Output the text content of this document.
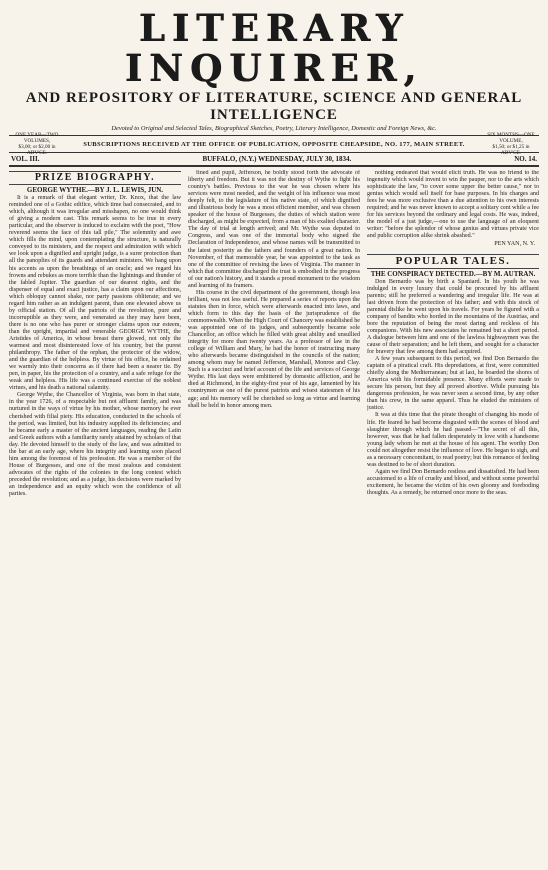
LITERARY INQUIRER,
AND REPOSITORY OF LITERATURE, SCIENCE AND GENERAL INTELLIGENCE
Devoted to Original and Selected Tales, Biographical Sketches, Poetry, Literary Intelligence, Domestic and Foreign News, &c.
ONE YEAR—TWO VOLUMES,
$3,00; or $2,00 in ADV'CE.
SUBSCRIPTIONS RECEIVED AT THE OFFICE OF PUBLICATION, OPPOSITE CHEAPSIDE, NO. 177, MAIN STREET.
SIX MONTHS—ONE VOLUME,
$1,50; or $1,25 in ADV'CE.
VOL. III.	BUFFALO, (N.Y.) WEDNESDAY, JULY 30, 1834.	NO. 14.
PRIZE BIOGRAPHY.
GEORGE WYTHE.—BY J. L. LEWIS, JUN.

It is a remark of that elegant writer, Dr. Knox, that the law reminded one of a Gothic edifice, which time had consecrated, and to which, although it was irregular and misshapen, no one would think of giving a modern cast. This remark seems to be true in every particular, and the observer is induced to exclaim with the poet, "How reverend seems the face of this tall pile," The solemnity and awe which fills the mind, upon contemplating the structure, is naturally conveyed to its ministers, and the respect and admiration with which we look upon a dignified and upright judge, is a surer protection than all the panoplies of its guards and attendant ministers. We hang upon his accents as upon the breathings of an oracle; and we regard his frowns and rebukes as more terrible than the lightnings and thunder of the fabled Jupiter. The guardian of our dearest rights, and the dispenser of equal and exact justice, has a claim upon our affections, which obloquy cannot shake, nor party passions obliterate; and we regard him rather as an indulgent parent, than one elevated above us by official station. Of all the patriots of the revolution, pure and incorruptible as they were, and venerated as they may have been, there is no one who has purer or stronger claims upon our esteem, than the upright, impartial and venerable GEORGE WYTHE, the Aristides of America, in whose breast there glowed, not only the warmest and most disinterested love of his country, but the purest philanthropy. The father of the orphan, the protector of the widow, and the guardian of the helpless. By virtue of his office, he ordained we warmly into their concerns as if there had been a nearer tie. By pen, in paper, his the protection of a country, and a safe refuge for the weak and helpless. His life was a continued exercise of the noblest virtues, and his death a national calamity.

George Wythe, the Chancellor of Virginia, was born in that state, in the year 1726, of a respectable but not affluent family, and was nurtured in the ways of virtue by his mother, whose memory he ever cherished with filial piety. His education, conducted in the schools of the period, was limited, but his industry supplied its deficiencies; and he became early a master of the ancient languages, reading the Latin and Greek authors with a familiarity rarely attained by scholars of that day. He devoted himself to the study of the law, and was admitted to the bar at an early age, where his integrity and learning soon placed him among the foremost of his profession. He was a member of the House of Burgesses, and one of the most zealous and consistent advocates of the rights of the colonies in the long contest which preceded the revolution; and as a judge, his decisions were marked by an independence and an equity which won the confidence of all parties.

fined and pupil, Jefferson, he boldly stood forth the advocate of liberty and freedom. But it was not the destiny of Wythe to fight his country's battles. Previous to the war he was chosen where his services were most needed, and the weight of his influence was most deeply felt, to the legislature of his native state, of which dignified and illustrious body he was a most efficient member, and was chosen speaker of the house of Burgesses, the duties of which station were discharged, as might be expected, from a man of his exalted character. The day of trial at length arrived; and Mr. Wythe was deputed to Congress, and was one of the immortal body who signed the Declaration of Independence, and whose names will be transmitted to the latest posterity as the fathers and founders of a great nation. In November, of that memorable year, he was appointed to the task as one of the committee of revising the laws of Virginia. The manner in which that committee discharged the trust is embodied in the progress of our nation's history, and it stands a proud monument to the wisdom and learning of its framers.

His course in the civil department of the government, though less brilliant, was not less useful. He prepared a series of reports upon the statutes then in force, which were afterwards enacted into laws, and which form to this day the basis of the jurisprudence of the commonwealth. When the High Court of Chancery was established he was appointed one of its judges, and subsequently became sole Chancellor, an office which he filled with great ability and unsullied integrity for more than twenty years. As a professor of law in the college of William and Mary, he had the honor of instructing many who afterwards became distinguished in the councils of the nation; among whom may be named Jefferson, Marshall, Monroe and Clay. Such is a succinct and brief account of the life and services of George Wythe. His last days were embittered by domestic affliction, and he died at Richmond, in the eighty-first year of his age, lamented by his countrymen as one of the purest patriots and wisest statesmen of his age; and his memory will be cherished so long as virtue and learning shall be held in honor among men.

nothing endeared that would elicit truth. He was no friend to the ingenuity which would invent to win the pauper, nor to the arts which sophisticate the law, "to cover some upper the better cause," nor to genius which would sell itself for base purposes. In his charges and fees he was more exclusive than a due attention to his own interests required; and he was never known to accept a solitary cent while a fee for his services beyond the ordinary and legal costs. He was, indeed, the model of a just judge,—one to use the language of an eloquent writer: "before the splendor of whose genius and virtues private vice and public corruption alike shrink abashed."

PEN YAN, N. Y.
POPULAR TALES.
THE CONSPIRACY DETECTED.—BY M. AUTRAN.

Don Bernardo was by birth a Spaniard. In his youth he was indulged in every luxury that could be procured by his affluent parents; still he preferred a wandering and irregular life. He was at last driven from the protection of his father; and with this stock of parental dislike he went upon his travels. For years he figured with a company of bandits who horded in the mountains of the Austrias, and bore the reputation of being the most daring and reckless of his companions. With his new associates he remained but a short period. A dialogue between him and one of the lawless highwaymen was the cause of their separation; and he left them, and sought for a character for bravery that few among them had acquired.

A few years subsequent to this period, we find Don Bernardo the captain of a piratical craft. His depredations, at first, were committed chiefly along the Mediterranean; but at last, he boarded the shores of America with his formidable presence. Many efforts were made to secure his person, but they all proved abortive. While pursuing his dangerous profession, he was never seen a second time, by any other than his crew, in the same apparel. Thus he eluded the ministers of justice.

It was at this time that the pirate thought of changing his mode of life. He feared he had become disgusted with the scenes of blood and slaughter through which he had passed—"The secret of all this, however, was that he had fallen desperately in love with a handsome young lady whom he met at the house of his agent. The worthy Don could not altogether resist the influence of love. He began to sigh, and as a necessary concomitant, to read poetry; but this romance of feeling was destined to be of short duration.

Again we find Don Bernardo restless and dissatisfied. He had been accustomed to a life of cruelty and blood, and without some powerful excitement, he became the victim of his own gloomy and foreboding thoughts. As a remedy, he returned once more to the seas.
